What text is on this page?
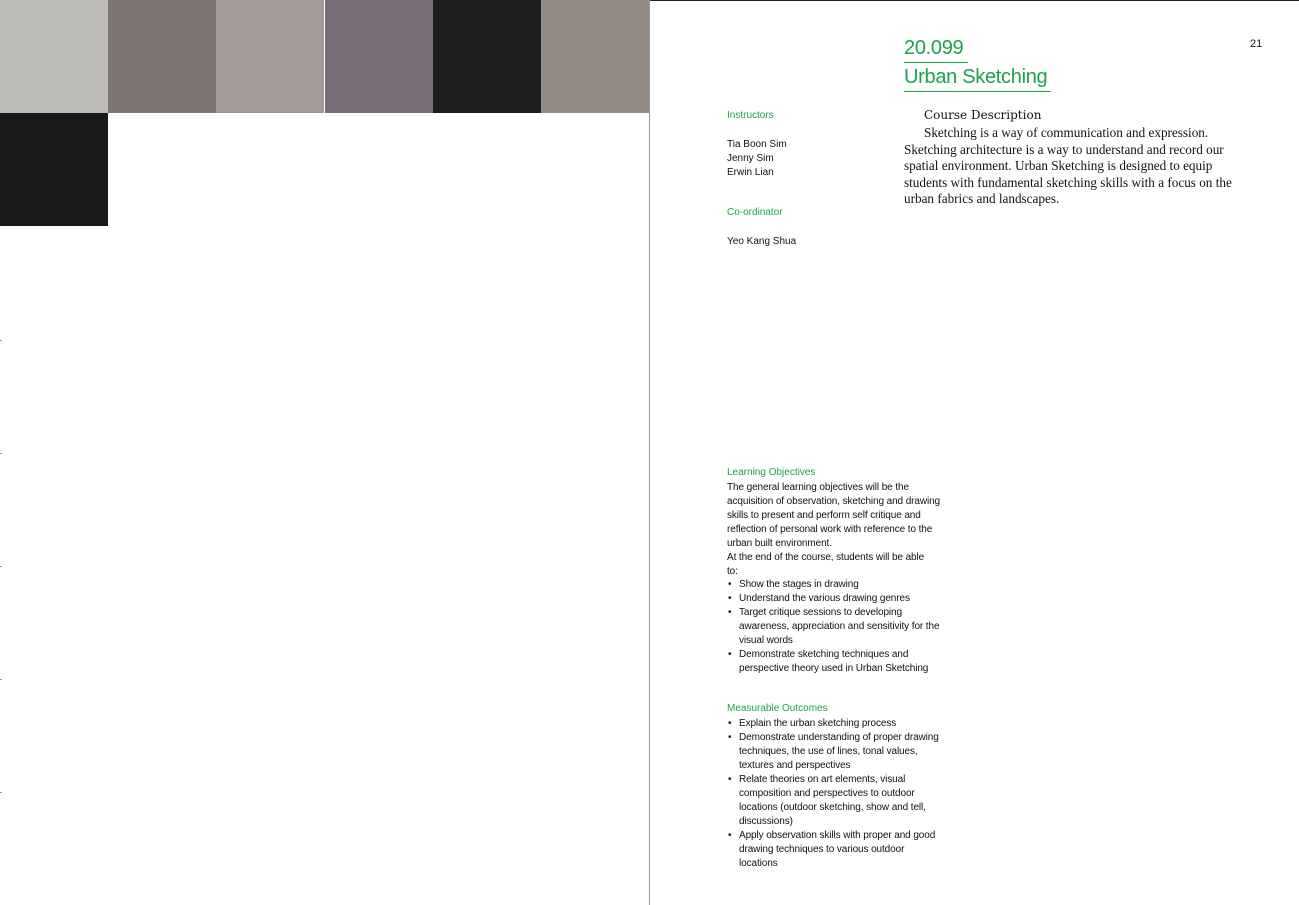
21
20.099
Urban Sketching
Instructors
Tia Boon Sim
Jenny Sim
Erwin Lian
Co-ordinator
Yeo Kang Shua
Course Description
Sketching is a way of communication and expression. Sketching architecture is a way to understand and record our spatial environment. Urban Sketching is designed to equip students with fundamental sketching skills with a focus on the urban fabrics and landscapes.
Learning Objectives
The general learning objectives will be the acquisition of observation, sketching and drawing skills to present and perform self critique and reflection of personal work with reference to the urban built environment.
At the end of the course, students will be able to:
• Show the stages in drawing
• Understand the various drawing genres
• Target critique sessions to developing awareness, appreciation and sensitivity for the visual words
• Demonstrate sketching techniques and perspective theory used in Urban Sketching
Measurable Outcomes
• Explain the urban sketching process
• Demonstrate understanding of proper drawing techniques, the use of lines, tonal values, textures and perspectives
• Relate theories on art elements, visual composition and perspectives to outdoor locations (outdoor sketching, show and tell, discussions)
• Apply observation skills with proper and good drawing techniques to various outdoor locations
